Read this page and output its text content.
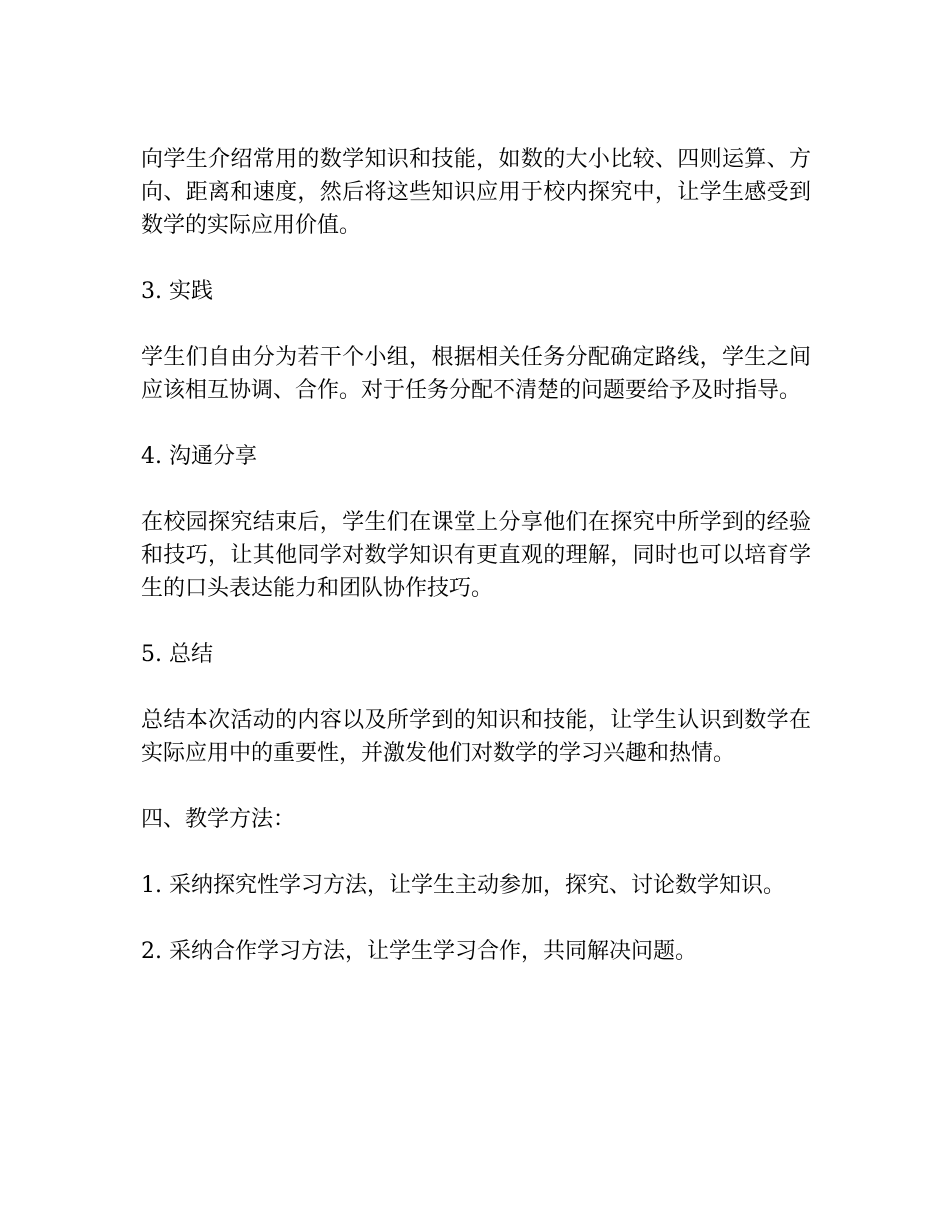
向学生介绍常用的数学知识和技能，如数的大小比较、四则运算、方向、距离和速度，然后将这些知识应用于校内探究中，让学生感受到数学的实际应用价值。

3. 实践

学生们自由分为若干个小组，根据相关任务分配确定路线，学生之间应该相互协调、合作。对于任务分配不清楚的问题要给予及时指导。

4. 沟通分享

在校园探究结束后，学生们在课堂上分享他们在探究中所学到的经验和技巧，让其他同学对数学知识有更直观的理解，同时也可以培育学生的口头表达能力和团队协作技巧。

5. 总结

总结本次活动的内容以及所学到的知识和技能，让学生认识到数学在实际应用中的重要性，并激发他们对数学的学习兴趣和热情。

四、教学方法：

1. 采纳探究性学习方法，让学生主动参加，探究、讨论数学知识。

2. 采纳合作学习方法，让学生学习合作，共同解决问题。
